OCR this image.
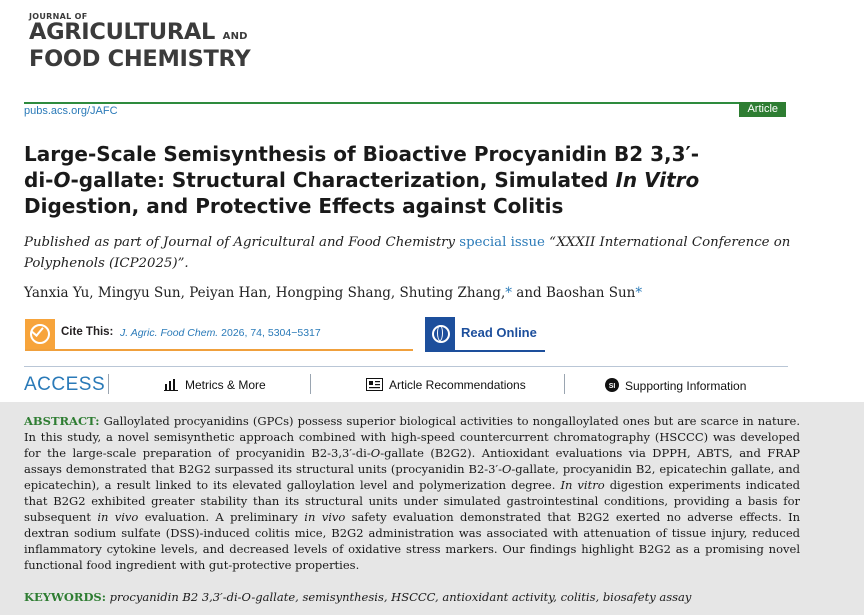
JOURNAL OF
AGRICULTURAL AND
FOOD CHEMISTRY
pubs.acs.org/JAFC	Article
Large-Scale Semisynthesis of Bioactive Procyanidin B2 3,3′-
di-O-gallate: Structural Characterization, Simulated In Vitro
Digestion, and Protective Effects against Colitis
Published as part of Journal of Agricultural and Food Chemistry special issue “XXXII International Conference on Polyphenols (ICP2025)”.
Yanxia Yu, Mingyu Sun, Peiyan Han, Hongping Shang, Shuting Zhang,* and Baoshan Sun*
Cite This: J. Agric. Food Chem. 2026, 74, 5304−5317	Read Online
ACCESS	Metrics & More	Article Recommendations	SI Supporting Information

ABSTRACT: Galloylated procyanidins (GPCs) possess superior biological activities to nongalloylated ones but are scarce in nature. In this study, a novel semisynthetic approach combined with high-speed countercurrent chromatography (HSCCC) was developed for the large-scale preparation of procyanidin B2-3,3′-di-O-gallate (B2G2). Antioxidant evaluations via DPPH, ABTS, and FRAP assays demonstrated that B2G2 surpassed its structural units (procyanidin B2-3′-O-gallate, procyanidin B2, epicatechin gallate, and epicatechin), a result linked to its elevated galloylation level and polymerization degree. In vitro digestion experiments indicated that B2G2 exhibited greater stability than its structural units under simulated gastrointestinal conditions, providing a basis for subsequent in vivo evaluation. A preliminary in vivo safety evaluation demonstrated that B2G2 exerted no adverse effects. In dextran sodium sulfate (DSS)-induced colitis mice, B2G2 administration was associated with attenuation of tissue injury, reduced inflammatory cytokine levels, and decreased levels of oxidative stress markers. Our findings highlight B2G2 as a promising novel functional food ingredient with gut-protective properties.

KEYWORDS: procyanidin B2 3,3′-di-O-gallate, semisynthesis, HSCCC, antioxidant activity, colitis, biosafety assay
